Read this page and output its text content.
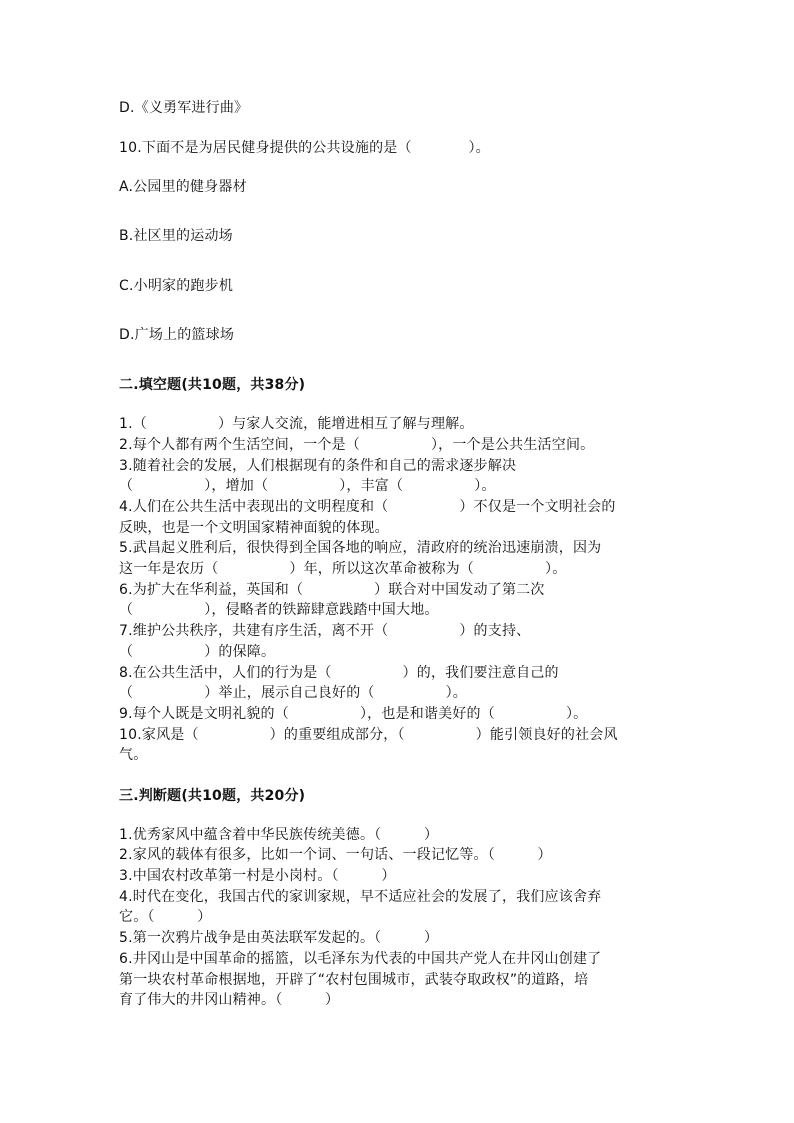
D.《义勇军进行曲》
10.下面不是为居民健身提供的公共设施的是（　　　　）。
A.公园里的健身器材
B.社区里的运动场
C.小明家的跑步机
D.广场上的篮球场
二.填空题(共10题，共38分)
1.（　　　　　）与家人交流，能增进相互了解与理解。
2.每个人都有两个生活空间，一个是（　　　　　），一个是公共生活空间。
3.随着社会的发展，人们根据现有的条件和自己的需求逐步解决
（　　　　　），增加（　　　　　），丰富（　　　　　）。
4.人们在公共生活中表现出的文明程度和（　　　　　）不仅是一个文明社会的
反映，也是一个文明国家精神面貌的体现。
5.武昌起义胜利后，很快得到全国各地的响应，清政府的统治迅速崩溃，因为
这一年是农历（　　　　　）年，所以这次革命被称为（　　　　　）。
6.为扩大在华利益，英国和（　　　　　）联合对中国发动了第二次
（　　　　　），侵略者的铁蹄肆意践踏中国大地。
7.维护公共秩序，共建有序生活，离不开（　　　　　）的支持、
（　　　　　）的保障。
8.在公共生活中，人们的行为是（　　　　　）的，我们要注意自己的
（　　　　　）举止，展示自己良好的（　　　　　）。
9.每个人既是文明礼貌的（　　　　　），也是和谐美好的（　　　　　）。
10.家风是（　　　　　）的重要组成部分，（　　　　　）能引领良好的社会风
气。
三.判断题(共10题，共20分)
1.优秀家风中蕴含着中华民族传统美德。（　　　）
2.家风的载体有很多，比如一个词、一句话、一段记忆等。（　　　）
3.中国农村改革第一村是小岗村。（　　　）
4.时代在变化，我国古代的家训家规，早不适应社会的发展了，我们应该舍弃
它。（　　　）
5.第一次鸦片战争是由英法联军发起的。（　　　）
6.井冈山是中国革命的摇篮，以毛泽东为代表的中国共产党人在井冈山创建了
第一块农村革命根据地，开辟了“农村包围城市，武装夺取政权”的道路，培
育了伟大的井冈山精神。（　　　）
